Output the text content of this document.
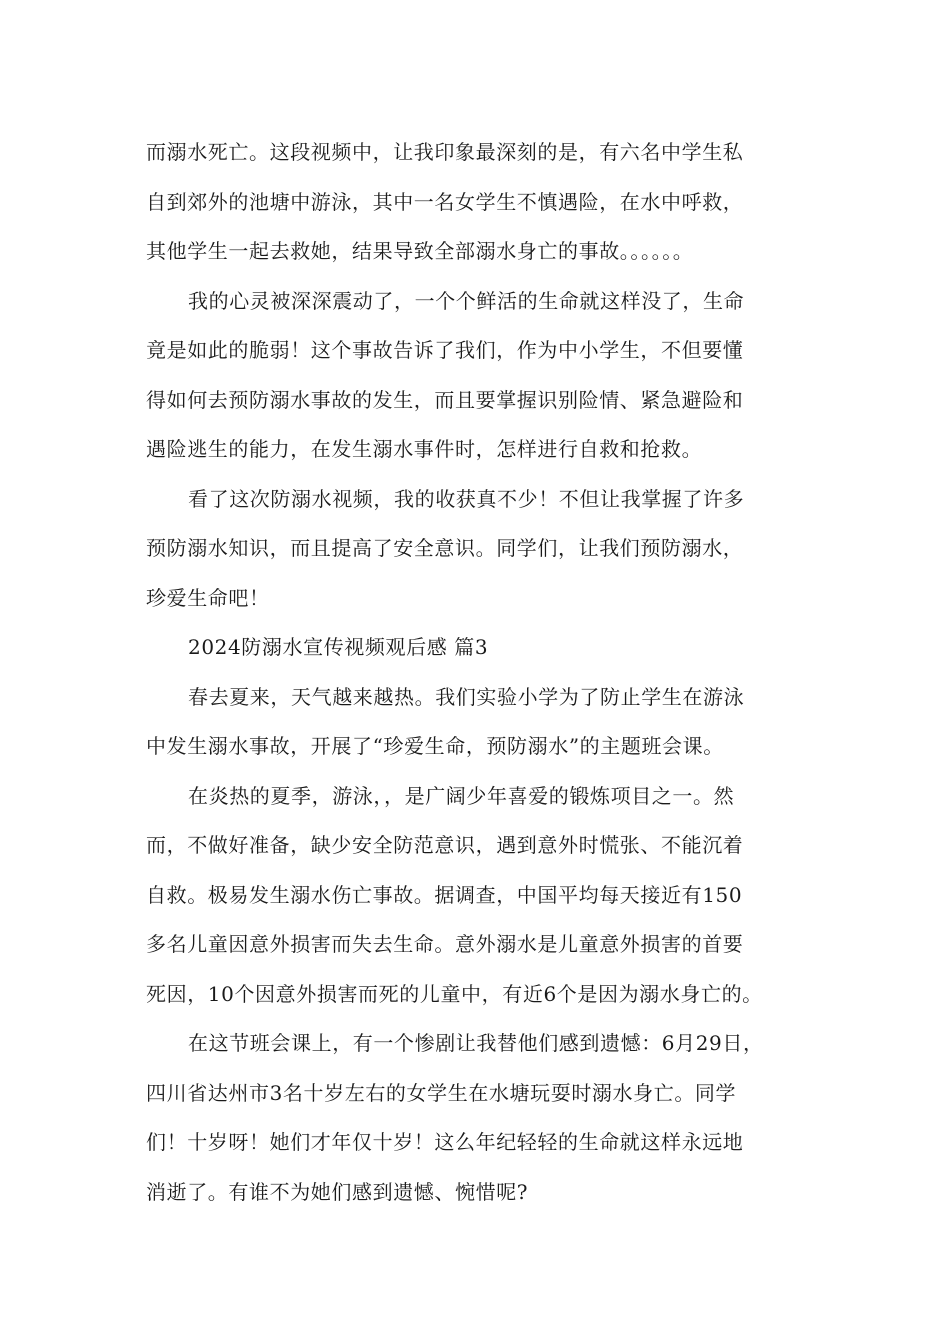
而溺水死亡。这段视频中，让我印象最深刻的是，有六名中学生私
自到郊外的池塘中游泳，其中一名女学生不慎遇险，在水中呼救，
其他学生一起去救她，结果导致全部溺水身亡的事故。。。。。。
我的心灵被深深震动了，一个个鲜活的生命就这样没了，生命
竟是如此的脆弱！这个事故告诉了我们，作为中小学生，不但要懂
得如何去预防溺水事故的发生，而且要掌握识别险情、紧急避险和
遇险逃生的能力，在发生溺水事件时，怎样进行自救和抢救。
看了这次防溺水视频，我的收获真不少！不但让我掌握了许多
预防溺水知识，而且提高了安全意识。同学们，让我们预防溺水，
珍爱生命吧！
2024防溺水宣传视频观后感 篇3
春去夏来，天气越来越热。我们实验小学为了防止学生在游泳
中发生溺水事故，开展了“珍爱生命，预防溺水”的主题班会课。
在炎热的夏季，游泳，，是广阔少年喜爱的锻炼项目之一。然
而，不做好准备，缺少安全防范意识，遇到意外时慌张、不能沉着
自救。极易发生溺水伤亡事故。据调查，中国平均每天接近有150
多名儿童因意外损害而失去生命。意外溺水是儿童意外损害的首要
死因，10个因意外损害而死的儿童中，有近6个是因为溺水身亡的。
在这节班会课上，有一个惨剧让我替他们感到遗憾：6月29日，
四川省达州市3名十岁左右的女学生在水塘玩耍时溺水身亡。同学
们！十岁呀！她们才年仅十岁！这么年纪轻轻的生命就这样永远地
消逝了。有谁不为她们感到遗憾、惋惜呢?
